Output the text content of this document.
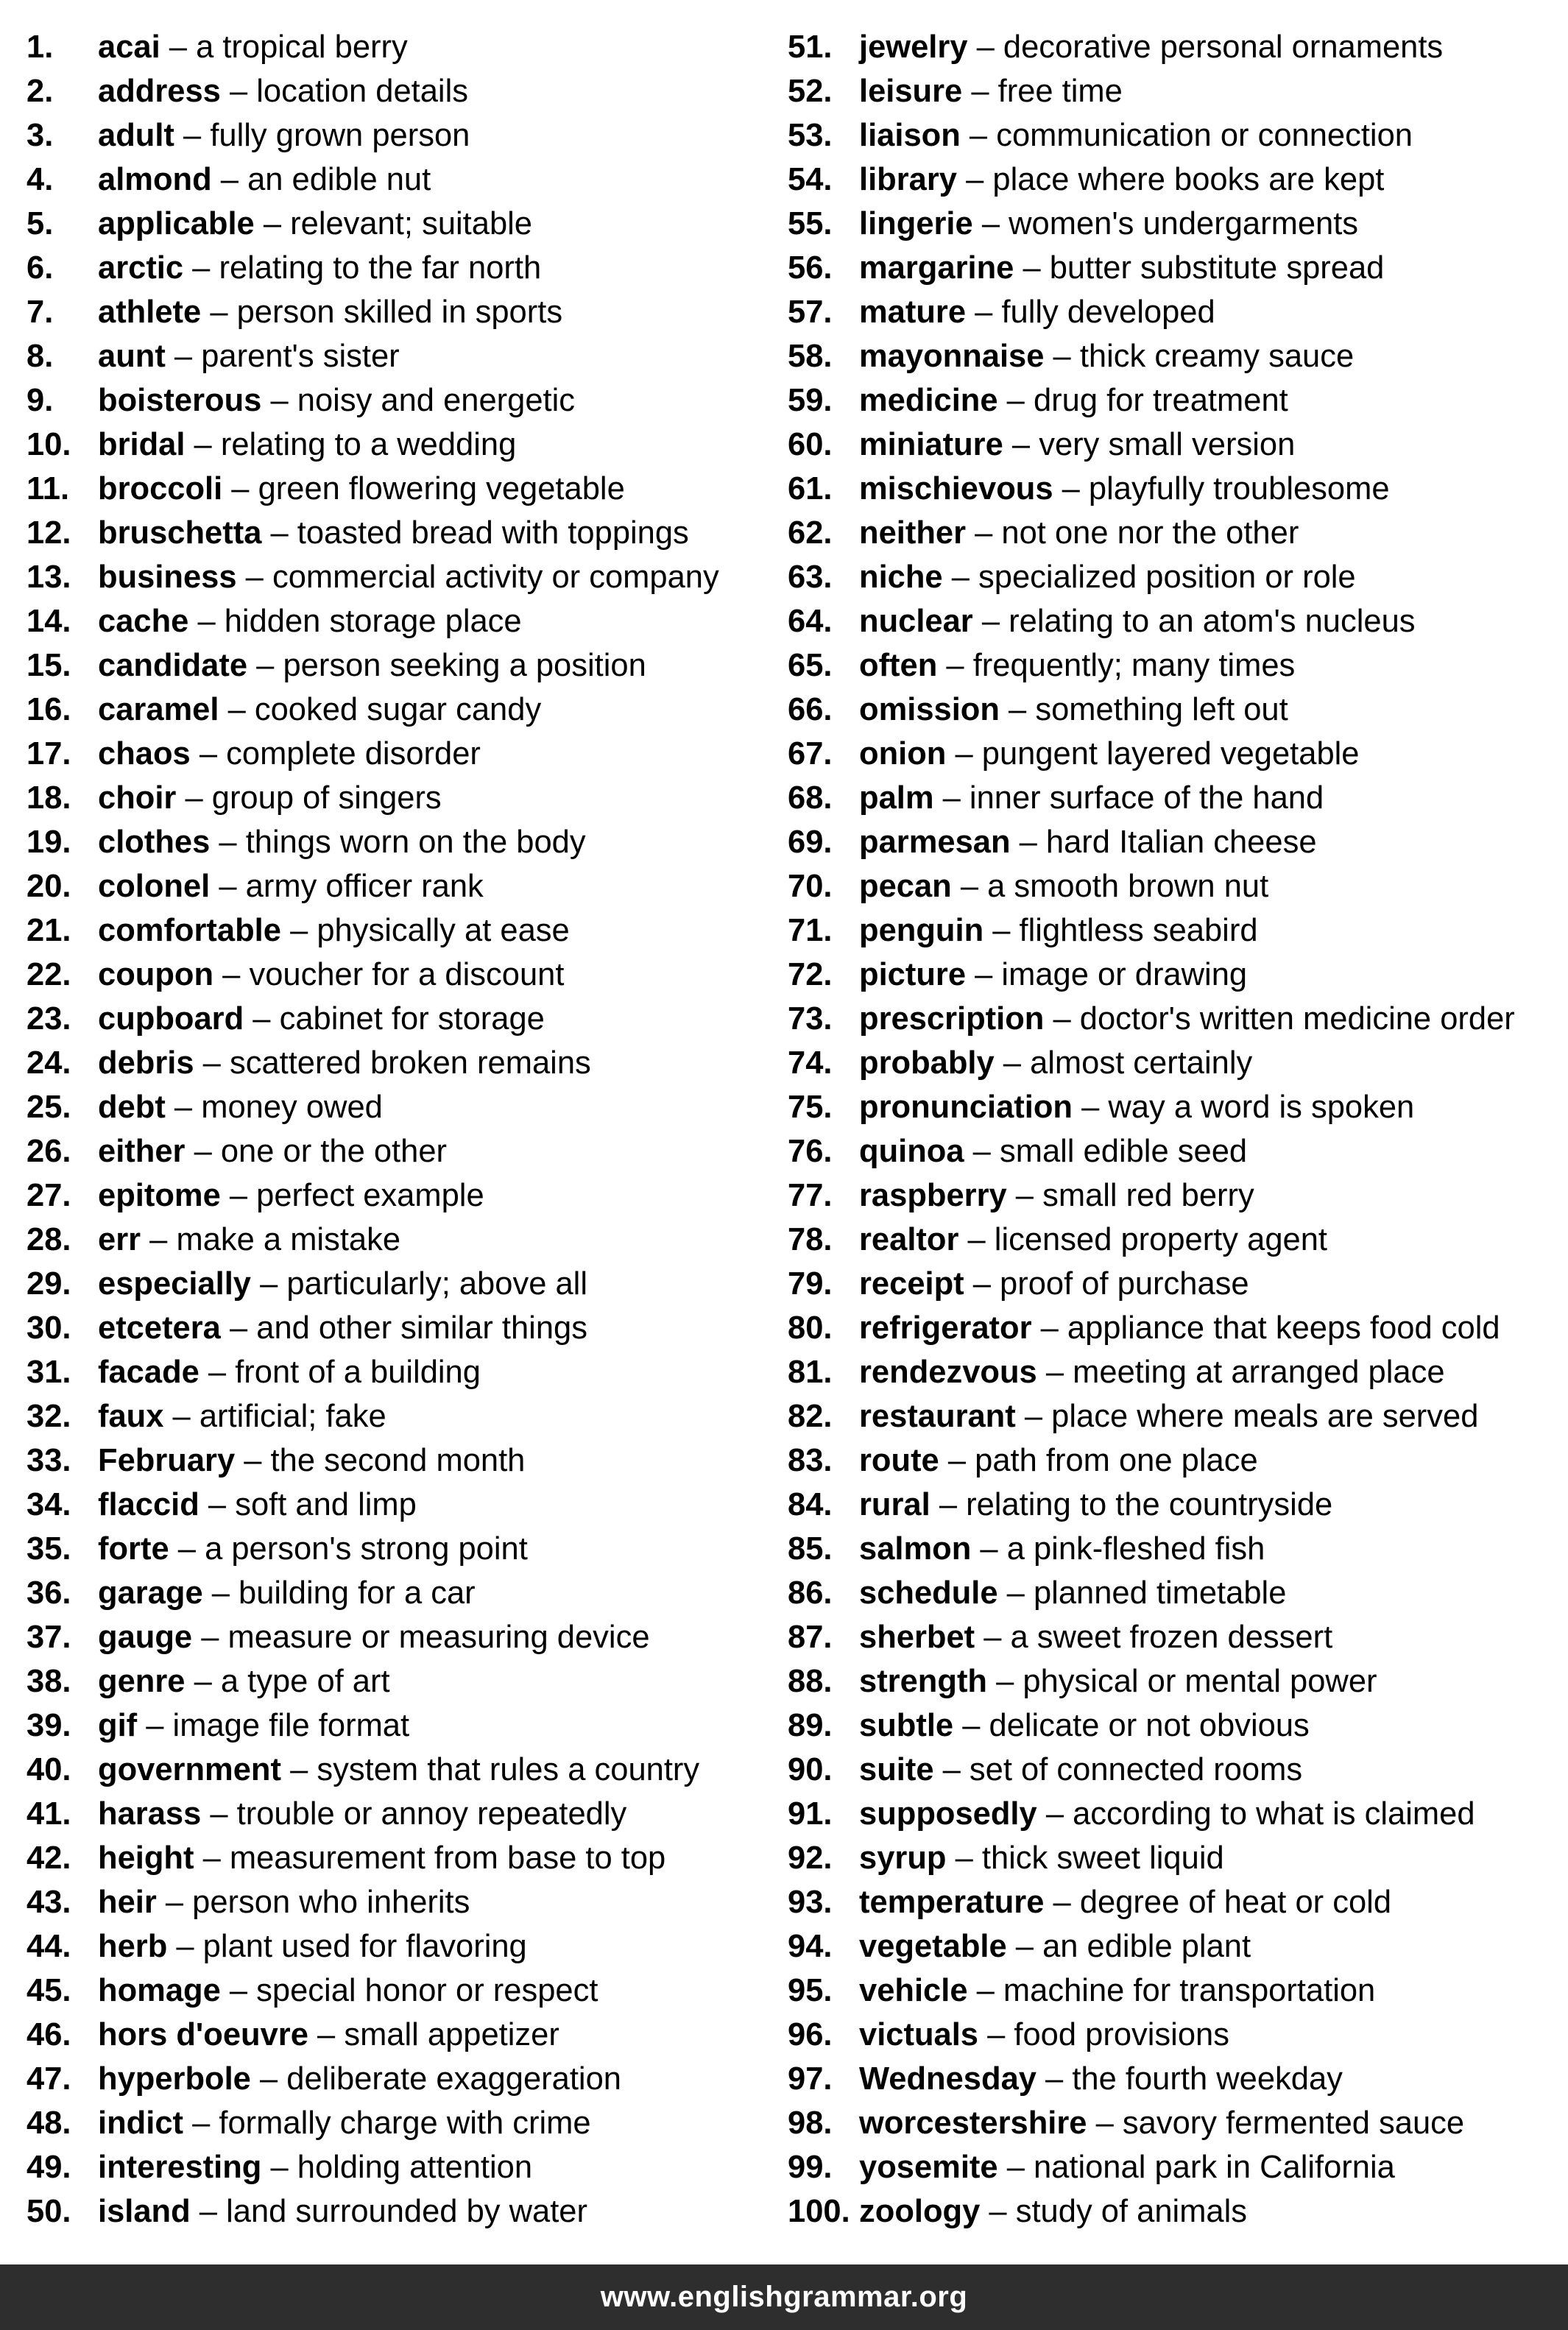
1.	acai
–
a tropical berry
2.	address
–
location details
3.	adult
–
fully grown person
4.	almond
–
an edible nut
5.	applicable
–
relevant; suitable
6.	arctic
–
relating to the far north
7.	athlete
–
person skilled in sports
8.	aunt
–
parent's sister
9.	boisterous
–
noisy and energetic
10. bridal
–
relating to a wedding
11. broccoli
–
green flowering vegetable
12. bruschetta
–
toasted bread with toppings
13. business
–
commercial activity or company
14. cache
–
hidden storage place
15. candidate
–
person seeking a position
16. caramel
–
cooked sugar candy
17. chaos
–
complete disorder
18. choir
–
group of singers
19. clothes
–
things worn on the body
20. colonel
–
army officer rank
21. comfortable
–
physically at ease
22. coupon
–
voucher for a discount
23. cupboard
–
cabinet for storage
24. debris
–
scattered broken remains
25. debt
–
money owed
26. either
–
one or the other
27. epitome
–
perfect example
28. err
–
make a mistake
29. especially
–
particularly; above all
30. etcetera
–
and other similar things
31. facade
–
front of a building
32. faux
–
artificial; fake
33. February
–
the second month
34. flaccid
–
soft and limp
35. forte
–
a person's strong point
36. garage
–
building for a car
37. gauge
–
measure or measuring device
38. genre
–
a type of art
39. gif
–
image file format
40. government
–
system that rules a country
41. harass
–
trouble or annoy repeatedly
42. height
–
measurement from base to top
43. heir
–
person who inherits
44. herb
–
plant used for flavoring
45. homage
–
special honor or respect
46. hors d'oeuvre
–
small appetizer
47. hyperbole
–
deliberate exaggeration
48. indict
–
formally charge with crime
49. interesting
–
holding attention
50. island
–
land surrounded by water
51. jewelry
–
decorative personal ornaments
52. leisure
–
free time
53. liaison
–
communication or connection
54. library
–
place where books are kept
55. lingerie
–
women's undergarments
56. margarine
–
butter substitute spread
57. mature
–
fully developed
58. mayonnaise
–
thick creamy sauce
59. medicine
–
drug for treatment
60. miniature
–
very small version
61. mischievous
–
playfully troublesome
62. neither
–
not one nor the other
63. niche
–
specialized position or role
64. nuclear
–
relating to an atom's nucleus
65. often
–
frequently; many times
66. omission
–
something left out
67. onion
–
pungent layered vegetable
68. palm
–
inner surface of the hand
69. parmesan
–
hard Italian cheese
70. pecan
–
a smooth brown nut
71. penguin
–
flightless seabird
72. picture
–
image or drawing
73. prescription
–
doctor's written medicine order
74. probably
–
almost certainly
75. pronunciation
–
way a word is spoken
76. quinoa
–
small edible seed
77. raspberry
–
small red berry
78. realtor
–
licensed property agent
79. receipt
–
proof of purchase
80. refrigerator
–
appliance that keeps food cold
81. rendezvous
–
meeting at arranged place
82. restaurant
–
place where meals are served
83. route
–
path from one place
84. rural
–
relating to the countryside
85. salmon
–
a pink-fleshed fish
86. schedule
–
planned timetable
87. sherbet
–
a sweet frozen dessert
88. strength
–
physical or mental power
89. subtle
–
delicate or not obvious
90. suite
–
set of connected rooms
91. supposedly
–
according to what is claimed
92. syrup
–
thick sweet liquid
93. temperature
–
degree of heat or cold
94. vegetable
–
an edible plant
95. vehicle
–
machine for transportation
96. victuals
–
food provisions
97. Wednesday
–
the fourth weekday
98. worcestershire
–
savory fermented sauce
99. yosemite
–
national park in California
100. zoology
–
study of animals
www.englishgrammar.org
